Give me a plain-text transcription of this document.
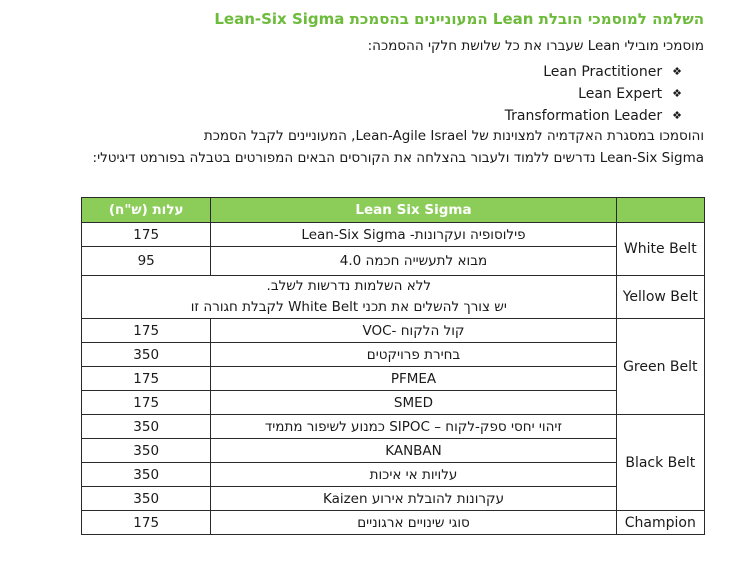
השלמה למוסמכי הובלת Lean המעוניינים בהסמכת Lean-Six Sigma
מוסמכי מובילי Lean שעברו את כל שלושת חלקי ההסמכה:
❖
Lean Practitioner
❖
Lean Expert
❖
Transformation Leader
והוסמכו במסגרת האקדמיה למצוינות של Lean-Agile Israel, המעוניינים לקבל הסמכת
Lean-Six Sigma נדרשים ללמוד ולעבור בהצלחה את הקורסים הבאים המפורטים בטבלה בפורמט דיגיטלי:
	Lean Six Sigma	עלות (ש"ח)
White Belt	פילוסופיה ועקרונות- Lean-Six Sigma	175
	מבוא לתעשייה חכמה 4.0	95
Yellow Belt	ללא השלמות נדרשות לשלב.
יש צורך להשלים את תכני White Belt לקבלת חגורה זו	

Green Belt	קול הלקוח -VOC	175
	בחירת פרויקטים	350
	PFMEA	175
	SMED	175
Black Belt	זיהוי יחסי ספק-לקוח – SIPOC כמנוע לשיפור מתמיד	350
	KANBAN	350
	עלויות אי איכות	350
	עקרונות להובלת אירוע Kaizen	350
Champion	סוגי שינויים ארגוניים	175
